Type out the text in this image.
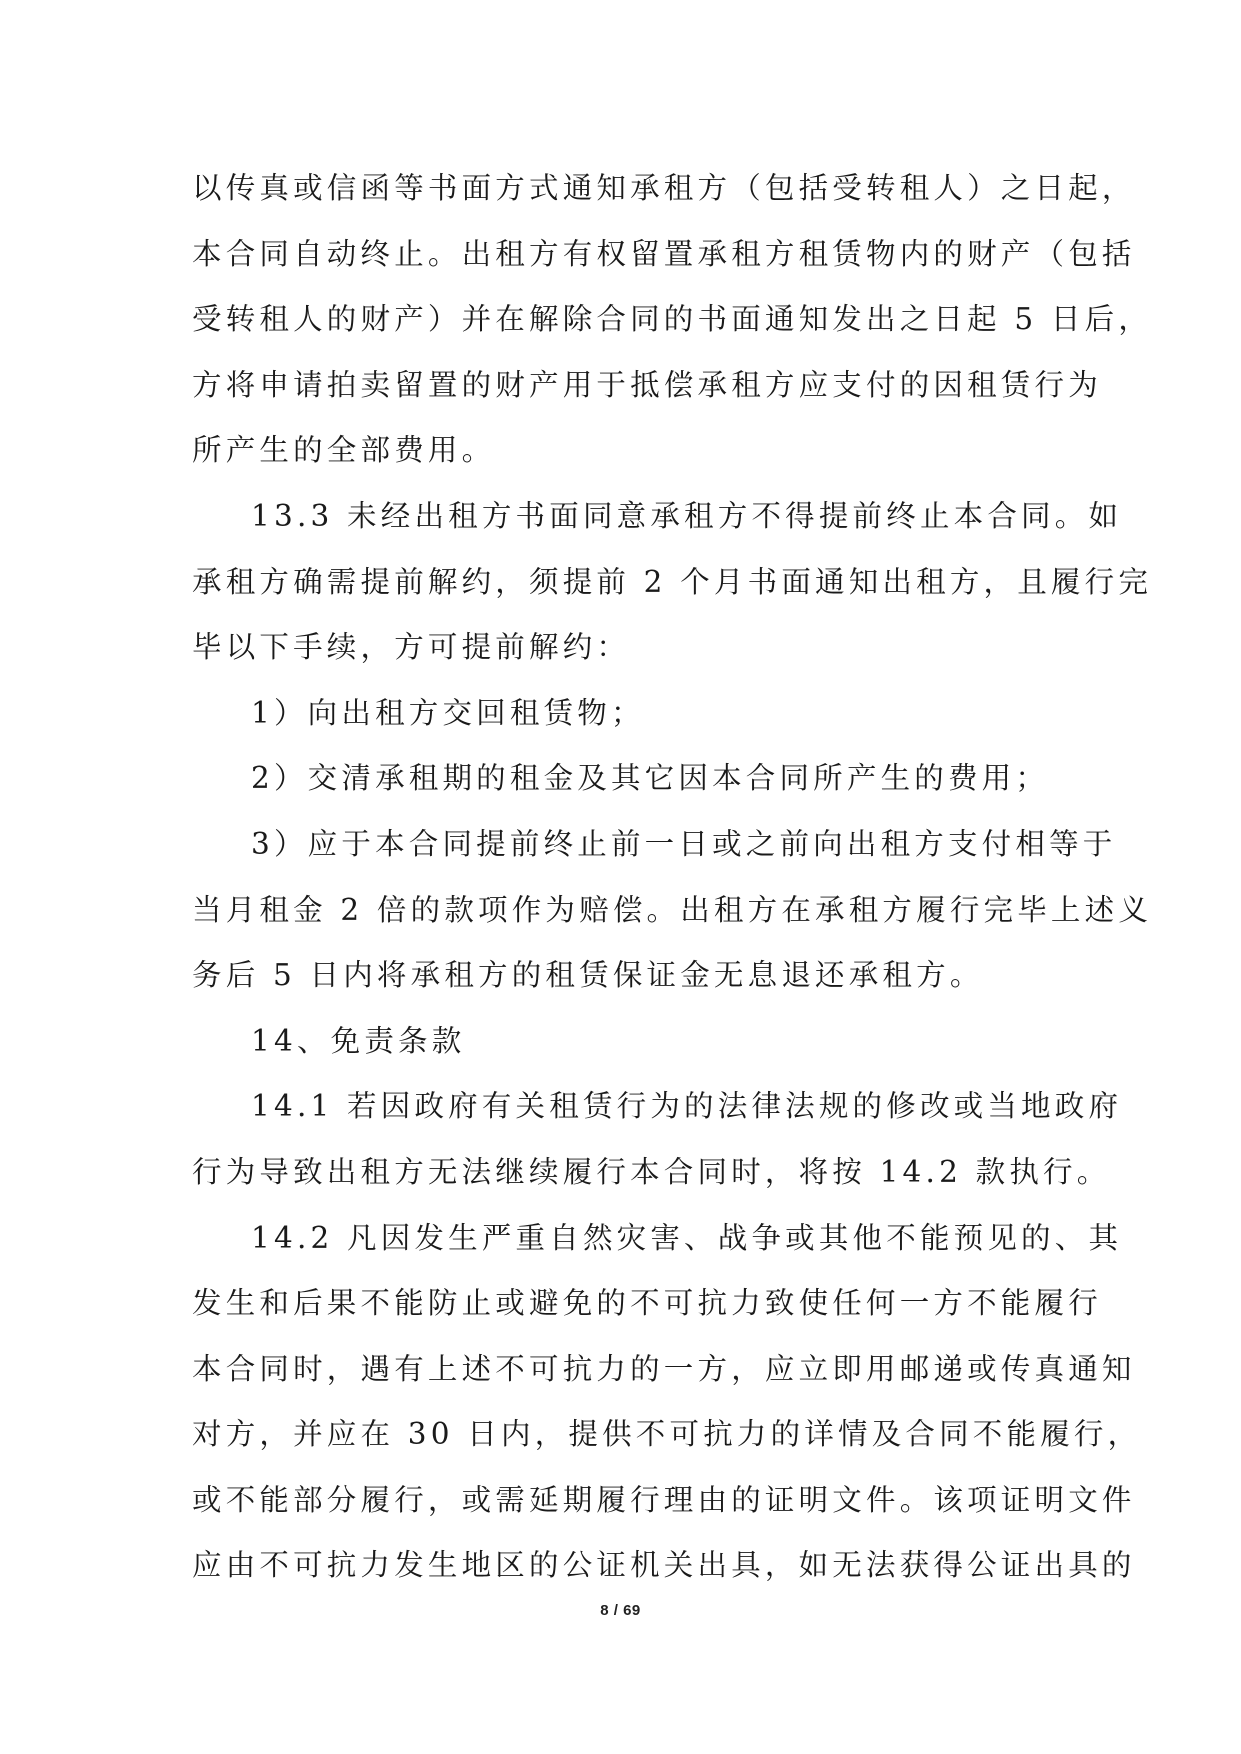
以传真或信函等书面方式通知承租方（包括受转租人）之日起，
本合同自动终止。出租方有权留置承租方租赁物内的财产（包括
受转租人的财产）并在解除合同的书面通知发出之日起 5 日后，
方将申请拍卖留置的财产用于抵偿承租方应支付的因租赁行为
所产生的全部费用。
13.3 未经出租方书面同意承租方不得提前终止本合同。如
承租方确需提前解约，须提前 2 个月书面通知出租方，且履行完
毕以下手续，方可提前解约：
1）向出租方交回租赁物；
2）交清承租期的租金及其它因本合同所产生的费用；
3）应于本合同提前终止前一日或之前向出租方支付相等于
当月租金 2 倍的款项作为赔偿。出租方在承租方履行完毕上述义
务后 5 日内将承租方的租赁保证金无息退还承租方。
14、免责条款
14.1 若因政府有关租赁行为的法律法规的修改或当地政府
行为导致出租方无法继续履行本合同时，将按 14.2 款执行。
14.2 凡因发生严重自然灾害、战争或其他不能预见的、其
发生和后果不能防止或避免的不可抗力致使任何一方不能履行
本合同时，遇有上述不可抗力的一方，应立即用邮递或传真通知
对方，并应在 30 日内，提供不可抗力的详情及合同不能履行，
或不能部分履行，或需延期履行理由的证明文件。该项证明文件
应由不可抗力发生地区的公证机关出具，如无法获得公证出具的
8 / 69
